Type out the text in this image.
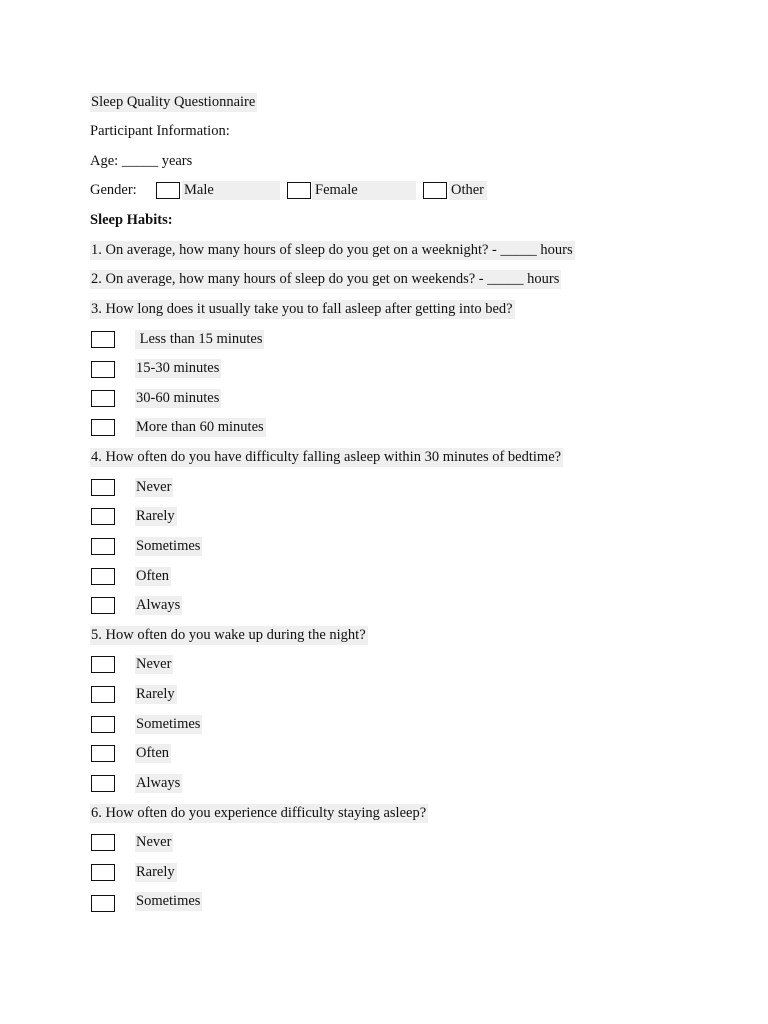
Sleep Quality Questionnaire
Participant Information:
Age: _____ years
Gender:	Male	Female	Other
Sleep Habits:
1. On average, how many hours of sleep do you get on a weeknight? - _____ hours
2. On average, how many hours of sleep do you get on weekends? - _____ hours
3. How long does it usually take you to fall asleep after getting into bed?
Less than 15 minutes
15-30 minutes
30-60 minutes
More than 60 minutes
4. How often do you have difficulty falling asleep within 30 minutes of bedtime?
Never
Rarely
Sometimes
Often
Always
5. How often do you wake up during the night?
Never
Rarely
Sometimes
Often
Always
6. How often do you experience difficulty staying asleep?
Never
Rarely
Sometimes
